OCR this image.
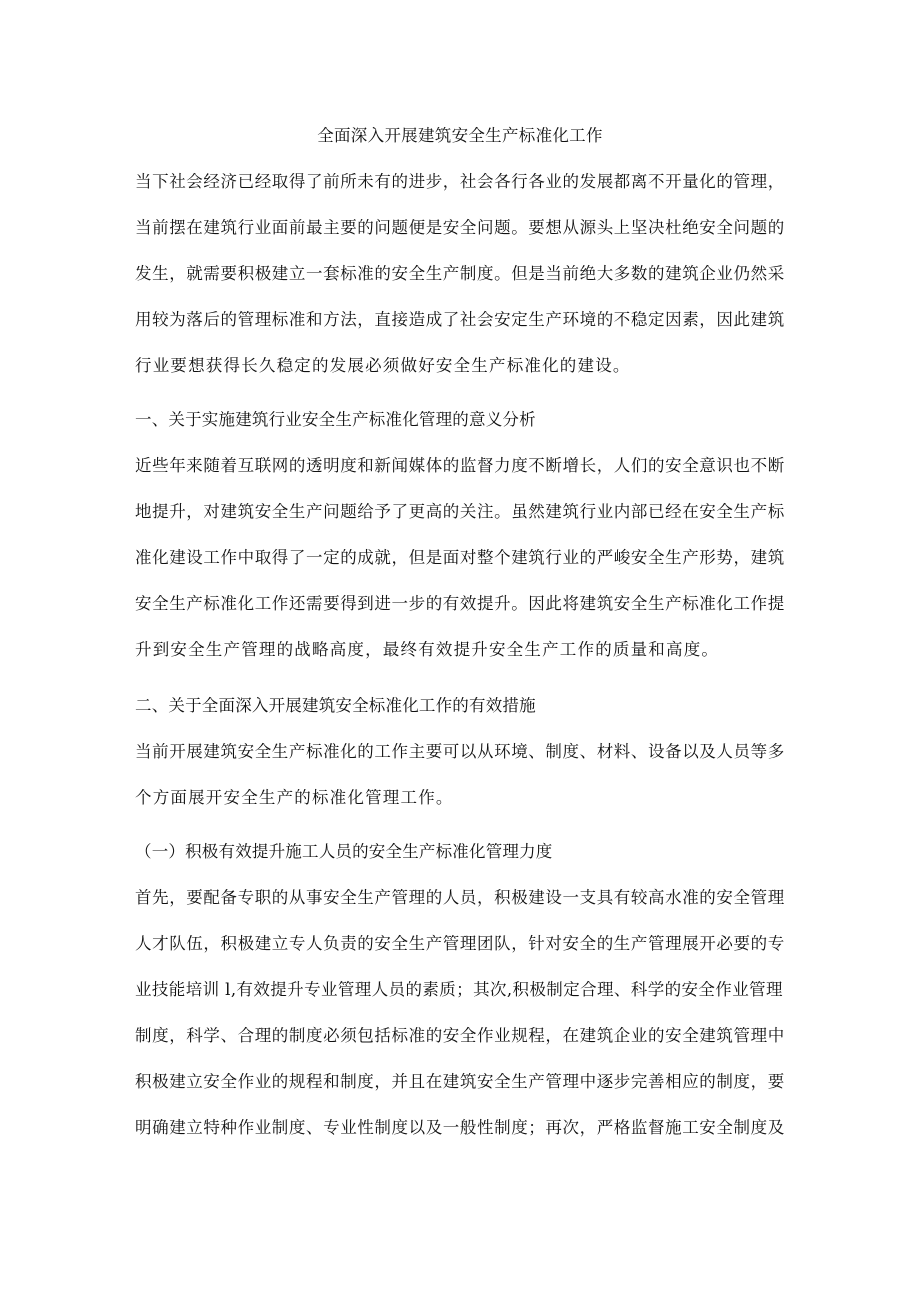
全面深入开展建筑安全生产标准化工作
当下社会经济已经取得了前所未有的进步，社会各行各业的发展都离不开量化的管理，
当前摆在建筑行业面前最主要的问题便是安全问题。要想从源头上坚决杜绝安全问题的
发生，就需要积极建立一套标准的安全生产制度。但是当前绝大多数的建筑企业仍然采
用较为落后的管理标准和方法，直接造成了社会安定生产环境的不稳定因素，因此建筑
行业要想获得长久稳定的发展必须做好安全生产标准化的建设。
一、关于实施建筑行业安全生产标准化管理的意义分析
近些年来随着互联网的透明度和新闻媒体的监督力度不断增长，人们的安全意识也不断
地提升，对建筑安全生产问题给予了更高的关注。虽然建筑行业内部已经在安全生产标
准化建设工作中取得了一定的成就，但是面对整个建筑行业的严峻安全生产形势，建筑
安全生产标准化工作还需要得到进一步的有效提升。因此将建筑安全生产标准化工作提
升到安全生产管理的战略高度，最终有效提升安全生产工作的质量和高度。
二、关于全面深入开展建筑安全标准化工作的有效措施
当前开展建筑安全生产标准化的工作主要可以从环境、制度、材料、设备以及人员等多
个方面展开安全生产的标准化管理工作。
（一）积极有效提升施工人员的安全生产标准化管理力度
首先，要配备专职的从事安全生产管理的人员，积极建设一支具有较高水准的安全管理
人才队伍，积极建立专人负责的安全生产管理团队，针对安全的生产管理展开必要的专
业技能培训 l,有效提升专业管理人员的素质；其次,积极制定合理、科学的安全作业管理
制度，科学、合理的制度必须包括标准的安全作业规程，在建筑企业的安全建筑管理中
积极建立安全作业的规程和制度，并且在建筑安全生产管理中逐步完善相应的制度，要
明确建立特种作业制度、专业性制度以及一般性制度；再次，严格监督施工安全制度及
